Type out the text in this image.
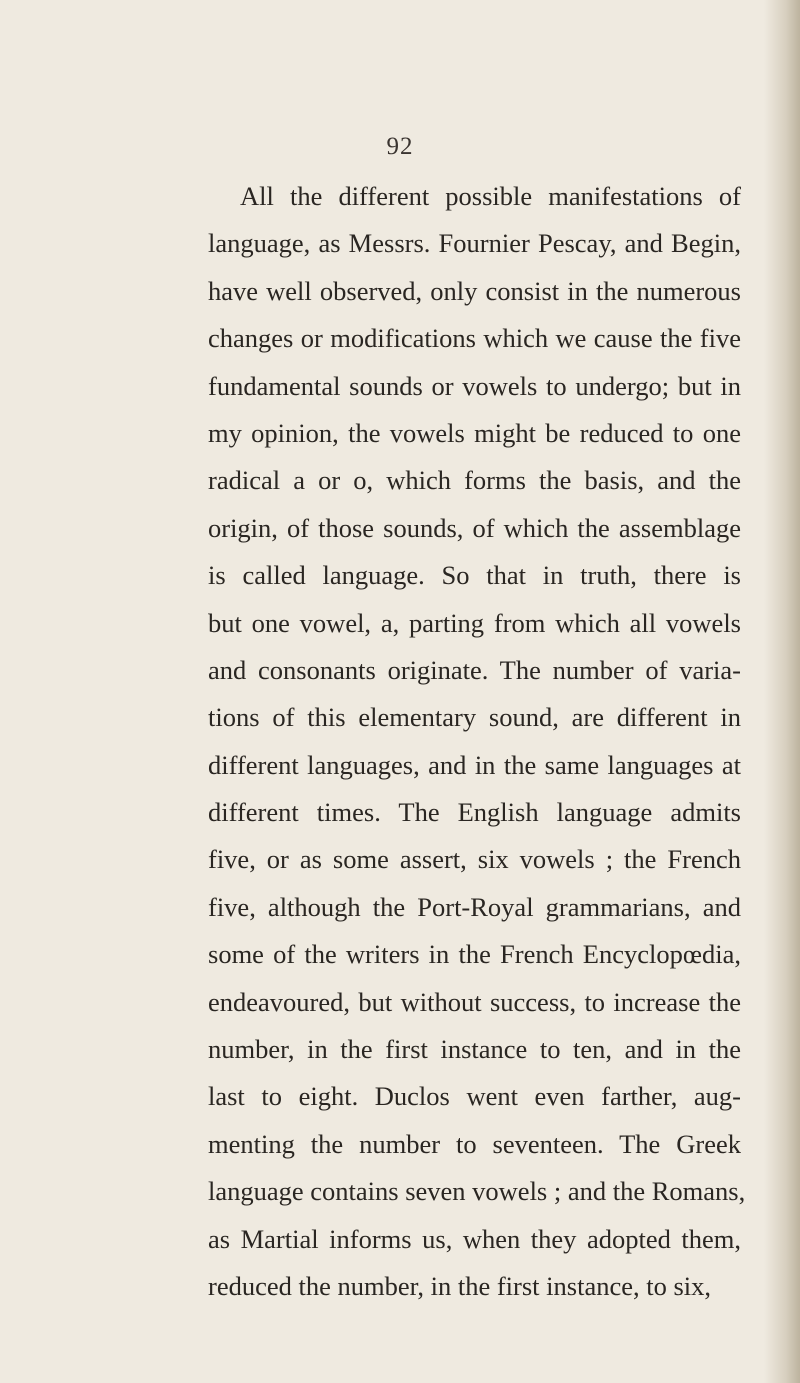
92
All the different possible manifestations of
language, as Messrs. Fournier Pescay, and Begin,
have well observed, only consist in the numerous
changes or modifications which we cause the five
fundamental sounds or vowels to undergo; but in
my opinion, the vowels might be reduced to one
radical a or o, which forms the basis, and the
origin, of those sounds, of which the assemblage
is called language. So that in truth, there is
but one vowel, a, parting from which all vowels
and consonants originate. The number of varia-
tions of this elementary sound, are different in
different languages, and in the same languages at
different times. The English language admits
five, or as some assert, six vowels ; the French
five, although the Port-Royal grammarians, and
some of the writers in the French Encyclopœdia,
endeavoured, but without success, to increase the
number, in the first instance to ten, and in the
last to eight. Duclos went even farther, aug-
menting the number to seventeen. The Greek
language contains seven vowels ; and the Romans,
as Martial informs us, when they adopted them,
reduced the number, in the first instance, to six,
